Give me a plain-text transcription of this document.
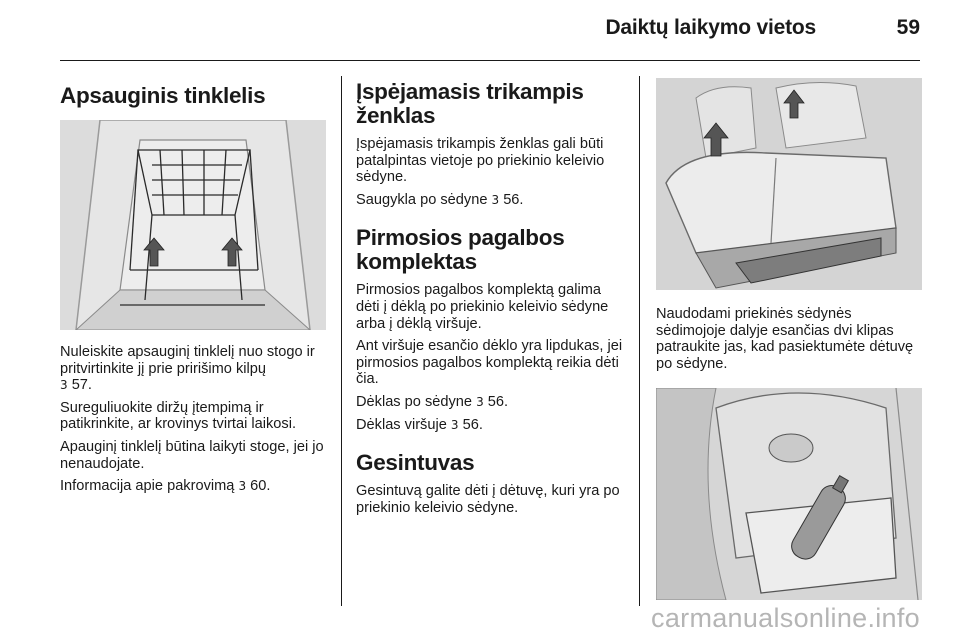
Daiktų laikymo vietos	59
Apsauginis tinklelis

Nuleiskite apsauginį tinklelį nuo stogo ir pritvirtinkite jį prie pririšimo kilpų
3 57.

Sureguliuokite diržų įtempimą ir patikrinkite, ar krovinys tvirtai laikosi.

Apauginį tinklelį būtina laikyti stoge, jei jo nenaudojate.

Informacija apie pakrovimą 3 60.

Įspėjamasis trikampis ženklas

Įspėjamasis trikampis ženklas gali būti patalpintas vietoje po priekinio keleivio sėdyne.

Saugykla po sėdyne 3 56.

Pirmosios pagalbos komplektas

Pirmosios pagalbos komplektą galima dėti į dėklą po priekinio keleivio sėdyne arba į dėklą viršuje.

Ant viršuje esančio dėklo yra lipdukas, jei pirmosios pagalbos komplektą reikia dėti čia.

Dėklas po sėdyne 3 56.

Dėklas viršuje 3 56.

Gesintuvas

Gesintuvą galite dėti į dėtuvę, kuri yra po priekinio keleivio sėdyne.

Naudodami priekinės sėdynės sėdimojoje dalyje esančias dvi klipas patraukite jas, kad pasiektumėte dėtuvę po sėdyne.

carmanualsonline.info
